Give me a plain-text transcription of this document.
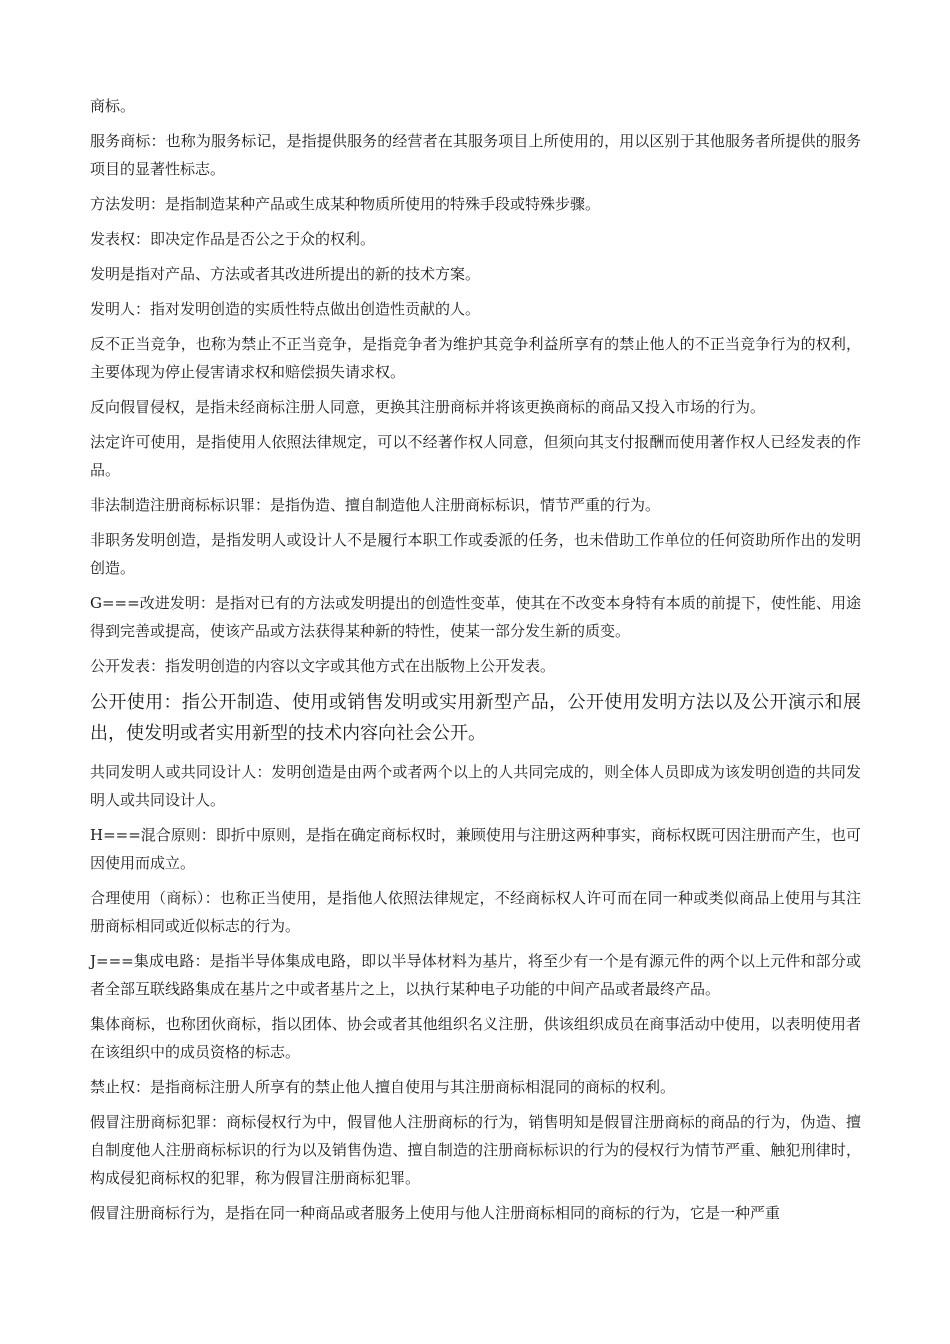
商标。

服务商标：也称为服务标记，是指提供服务的经营者在其服务项目上所使用的，用以区别于其他服务者所提供的服务项目的显著性标志。

方法发明：是指制造某种产品或生成某种物质所使用的特殊手段或特殊步骤。

发表权：即决定作品是否公之于众的权利。

发明是指对产品、方法或者其改进所提出的新的技术方案。

发明人：指对发明创造的实质性特点做出创造性贡献的人。

反不正当竞争，也称为禁止不正当竞争，是指竞争者为维护其竞争利益所享有的禁止他人的不正当竞争行为的权利，主要体现为停止侵害请求权和赔偿损失请求权。

反向假冒侵权，是指未经商标注册人同意，更换其注册商标并将该更换商标的商品又投入市场的行为。

法定许可使用，是指使用人依照法律规定，可以不经著作权人同意，但须向其支付报酬而使用著作权人已经发表的作品。

非法制造注册商标标识罪：是指伪造、擅自制造他人注册商标标识，情节严重的行为。

非职务发明创造，是指发明人或设计人不是履行本职工作或委派的任务，也未借助工作单位的任何资助所作出的发明创造。

G===改进发明：是指对已有的方法或发明提出的创造性变革，使其在不改变本身特有本质的前提下，使性能、用途得到完善或提高，使该产品或方法获得某种新的特性，使某一部分发生新的质变。

公开发表：指发明创造的内容以文字或其他方式在出版物上公开发表。

公开使用：指公开制造、使用或销售发明或实用新型产品，公开使用发明方法以及公开演示和展出，使发明或者实用新型的技术内容向社会公开。

共同发明人或共同设计人：发明创造是由两个或者两个以上的人共同完成的，则全体人员即成为该发明创造的共同发明人或共同设计人。

H===混合原则：即折中原则，是指在确定商标权时，兼顾使用与注册这两种事实，商标权既可因注册而产生，也可因使用而成立。

合理使用（商标）：也称正当使用，是指他人依照法律规定，不经商标权人许可而在同一种或类似商品上使用与其注册商标相同或近似标志的行为。

J===集成电路：是指半导体集成电路，即以半导体材料为基片，将至少有一个是有源元件的两个以上元件和部分或者全部互联线路集成在基片之中或者基片之上，以执行某种电子功能的中间产品或者最终产品。

集体商标，也称团伙商标，指以团体、协会或者其他组织名义注册，供该组织成员在商事活动中使用，以表明使用者在该组织中的成员资格的标志。

禁止权：是指商标注册人所享有的禁止他人擅自使用与其注册商标相混同的商标的权利。

假冒注册商标犯罪：商标侵权行为中，假冒他人注册商标的行为，销售明知是假冒注册商标的商品的行为，伪造、擅自制度他人注册商标标识的行为以及销售伪造、擅自制造的注册商标标识的行为的侵权行为情节严重、触犯刑律时，构成侵犯商标权的犯罪，称为假冒注册商标犯罪。

假冒注册商标行为，是指在同一种商品或者服务上使用与他人注册商标相同的商标的行为，它是一种严重
